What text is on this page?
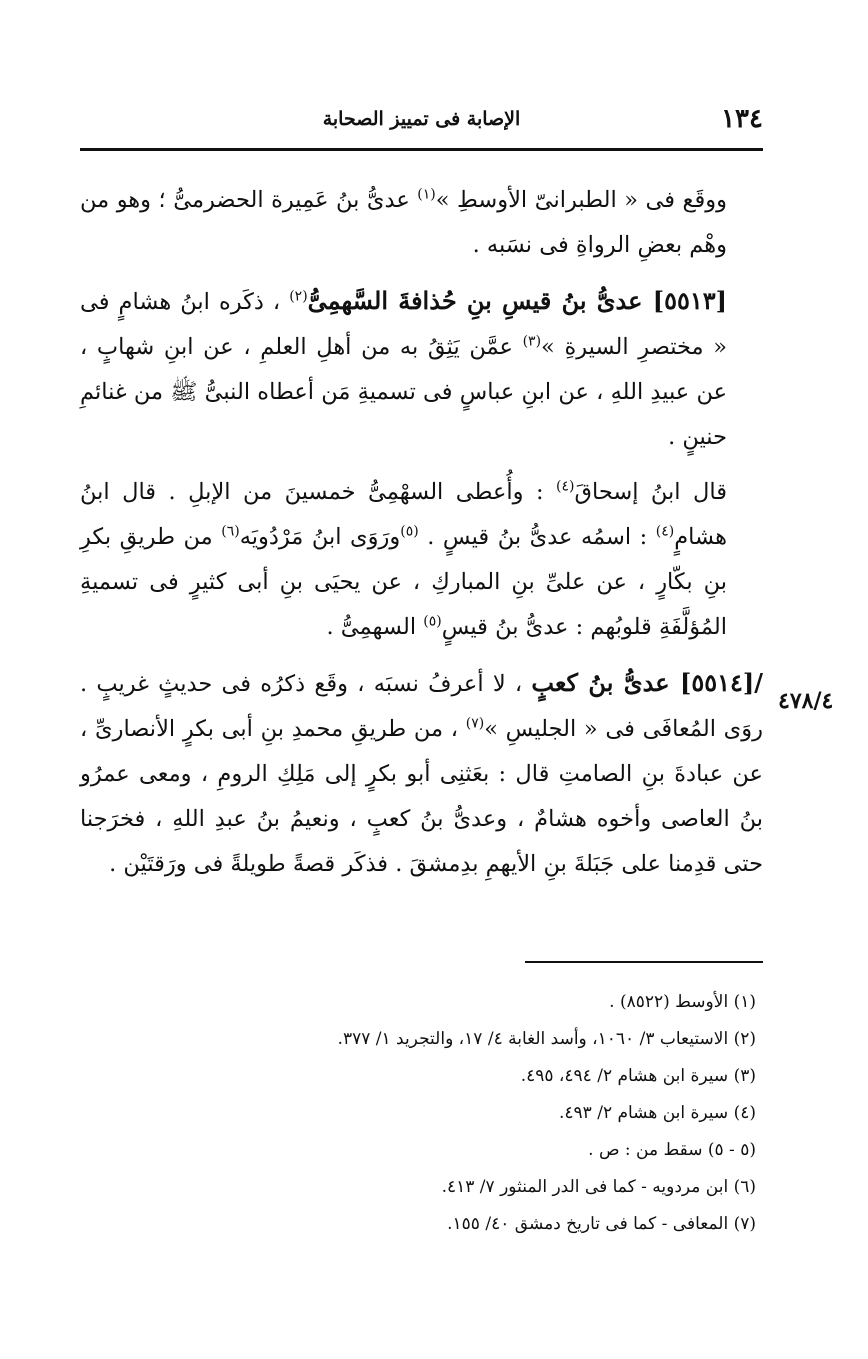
١٣٤
الإصابة فى تمييز الصحابة
٤٧٨/٤

ووقَع فى « الطبرانىّ الأوسطِ »$^{(١)}$ عدىُّ بنُ عَمِيرة الحضرمىُّ ؛ وهو من وهْم بعضِ الرواةِ فى نسَبه .

[٥٥١٣] عدىُّ بنُ قيسِ بنِ حُذافةَ السَّهمِىُّ$^{(٢)}$ ، ذكَره ابنُ هشامٍ فى « مختصرِ السيرةِ »$^{(٣)}$ عمَّن يَثِقُ به من أهلِ العلمِ ، عن ابنِ شهابٍ ، عن عبيدِ اللهِ ، عن ابنِ عباسٍ فى تسميةِ مَن أعطاه النبىُّ ﷺ من غنائمِ حنينٍ .

قال ابنُ إسحاقَ$^{(٤)}$ : وأُعطى السهْمِىُّ خمسينَ من الإبلِ . قال ابنُ هشامٍ$^{(٤)}$ : اسمُه عدىُّ بنُ قيسٍ . $^{(٥)}$ورَوَى ابنُ مَرْدُويَه$^{(٦)}$ من طريقِ بكرِ بنِ بكّارٍ ، عن علىِّ بنِ المباركِ ، عن يحيَى بنِ أبى كثيرٍ فى تسميةِ المُؤلَّفَةِ قلوبُهم : عدىُّ بنُ قيسٍ$^{(٥)}$ السهمِىُّ .

/[٥٥١٤] عدىُّ بنُ كعبٍ ، لا أعرفُ نسبَه ، وقَع ذكرُه فى حديثٍ غريبٍ . روَى المُعافَى فى « الجليسِ »$^{(٧)}$ ، من طريقِ محمدِ بنِ أبى بكرٍ الأنصارىِّ ، عن عبادةَ بنِ الصامتِ قال : بعَثنِى أبو بكرٍ إلى مَلِكِ الرومِ ، ومعى عمرُو بنُ العاصى وأخوه هشامٌ ، وعدىُّ بنُ كعبٍ ، ونعيمُ بنُ عبدِ اللهِ ، فخرَجنا حتى قدِمنا على جَبَلةَ بنِ الأيهمِ بدِمشقَ . فذكَر قصةً طويلةً فى ورَقتَيْن .

(١) الأوسط (٨٥٢٢) .
(٢) الاستيعاب ٣/ ١٠٦٠، وأسد الغابة ٤/ ١٧، والتجريد ١/ ٣٧٧.
(٣) سيرة ابن هشام ٢/ ٤٩٤، ٤٩٥.
(٤) سيرة ابن هشام ٢/ ٤٩٣.
(٥ - ٥) سقط من : ص .
(٦) ابن مردويه - كما فى الدر المنثور ٧/ ٤١٣.
(٧) المعافى - كما فى تاريخ دمشق ٤٠/ ١٥٥.
